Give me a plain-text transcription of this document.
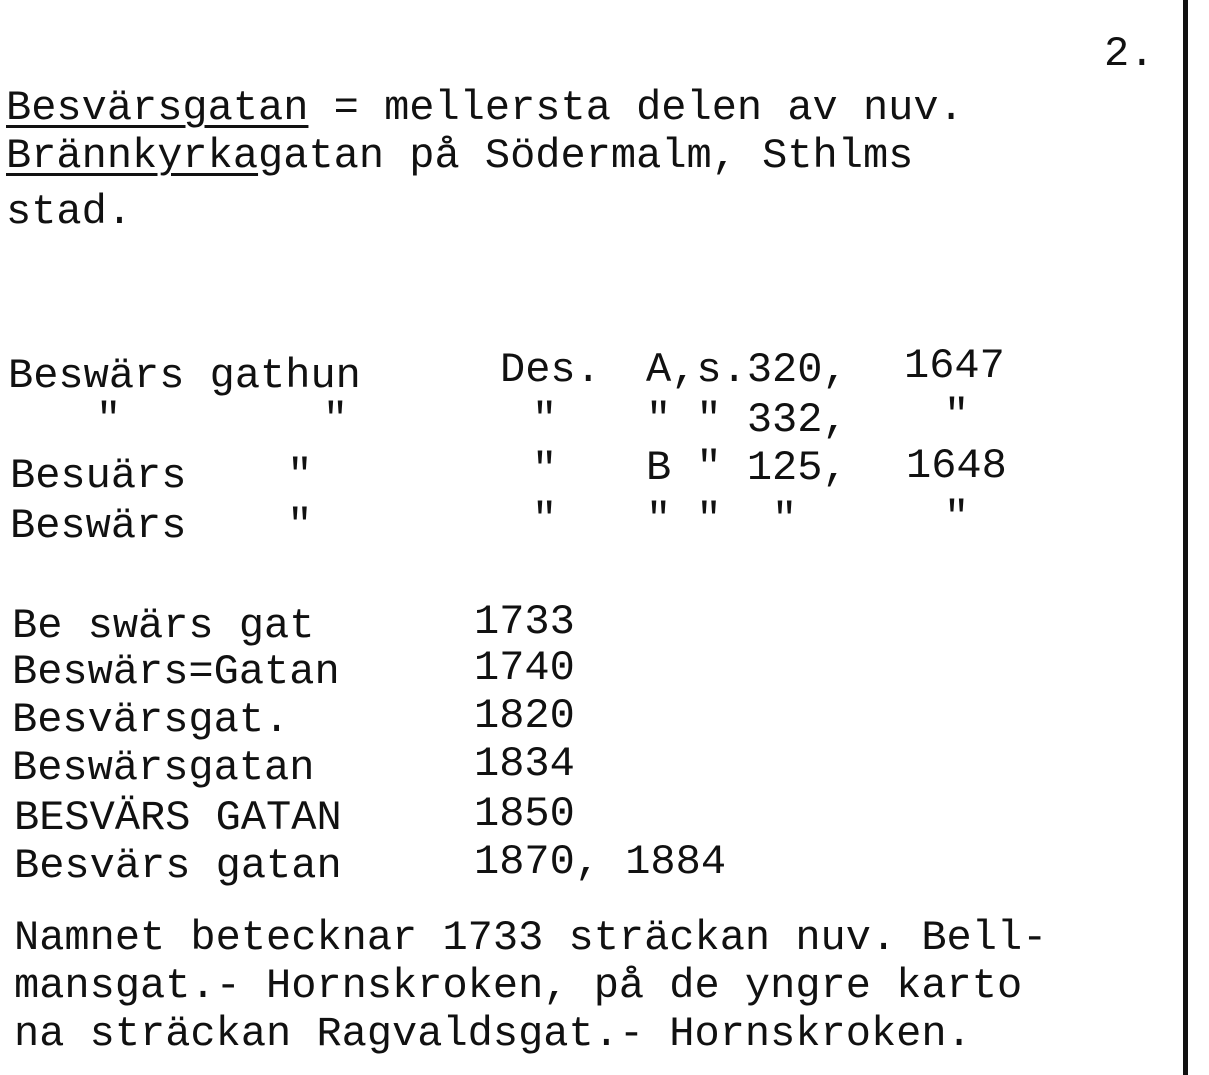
2.
Besvärsgatan = mellersta delen av nuv.
Brännkyrkagatan på Södermalm, Sthlms
stad.
Beswärs gathun	Des. A,s.320, 1647
"        "	" " " 332, "
Besuärs    "	" B " 125, 1648
Beswärs    "	" " "  "	"
Be swärs gat	1733
Beswärs=Gatan	1740
Besvärsgat.	1820
Beswärsgatan	1834
BESVÄRS GATAN	1850
Besvärs gatan	1870, 1884
Namnet betecknar 1733 sträckan nuv. Bell-
mansgat.- Hornskroken, på de yngre karto
na sträckan Ragvaldsgat.- Hornskroken.
